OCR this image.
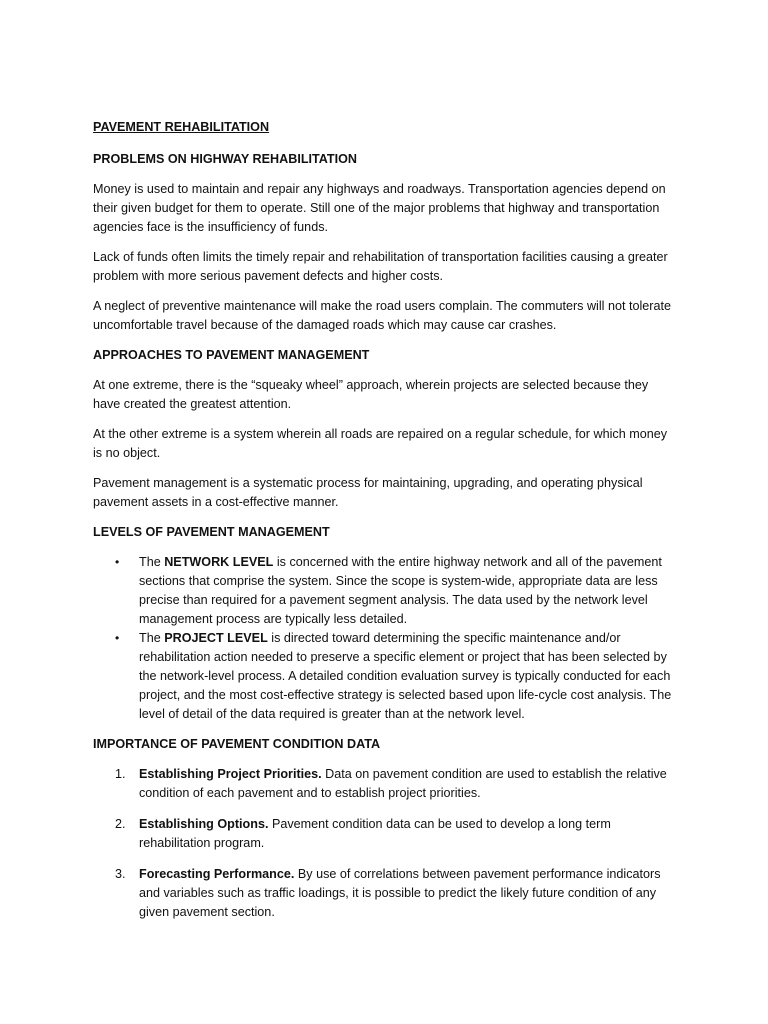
PAVEMENT REHABILITATION
PROBLEMS ON HIGHWAY REHABILITATION

Money is used to maintain and repair any highways and roadways. Transportation agencies depend on their given budget for them to operate. Still one of the major problems that highway and transportation agencies face is the insufficiency of funds.

Lack of funds often limits the timely repair and rehabilitation of transportation facilities causing a greater problem with more serious pavement defects and higher costs.

A neglect of preventive maintenance will make the road users complain. The commuters will not tolerate uncomfortable travel because of the damaged roads which may cause car crashes.

APPROACHES TO PAVEMENT MANAGEMENT

At one extreme, there is the “squeaky wheel” approach, wherein projects are selected because they have created the greatest attention.

At the other extreme is a system wherein all roads are repaired on a regular schedule, for which money is no object.

Pavement management is a systematic process for maintaining, upgrading, and operating physical pavement assets in a cost-effective manner.

LEVELS OF PAVEMENT MANAGEMENT
• The NETWORK LEVEL is concerned with the entire highway network and all of the pavement sections that comprise the system. Since the scope is system-wide, appropriate data are less precise than required for a pavement segment analysis. The data used by the network level management process are typically less detailed.
• The PROJECT LEVEL is directed toward determining the specific maintenance and/or rehabilitation action needed to preserve a specific element or project that has been selected by the network-level process. A detailed condition evaluation survey is typically conducted for each project, and the most cost-effective strategy is selected based upon life-cycle cost analysis. The level of detail of the data required is greater than at the network level.
IMPORTANCE OF PAVEMENT CONDITION DATA
1. Establishing Project Priorities. Data on pavement condition are used to establish the relative condition of each pavement and to establish project priorities.
2. Establishing Options. Pavement condition data can be used to develop a long term rehabilitation program.
3. Forecasting Performance. By use of correlations between pavement performance indicators and variables such as traffic loadings, it is possible to predict the likely future condition of any given pavement section.
